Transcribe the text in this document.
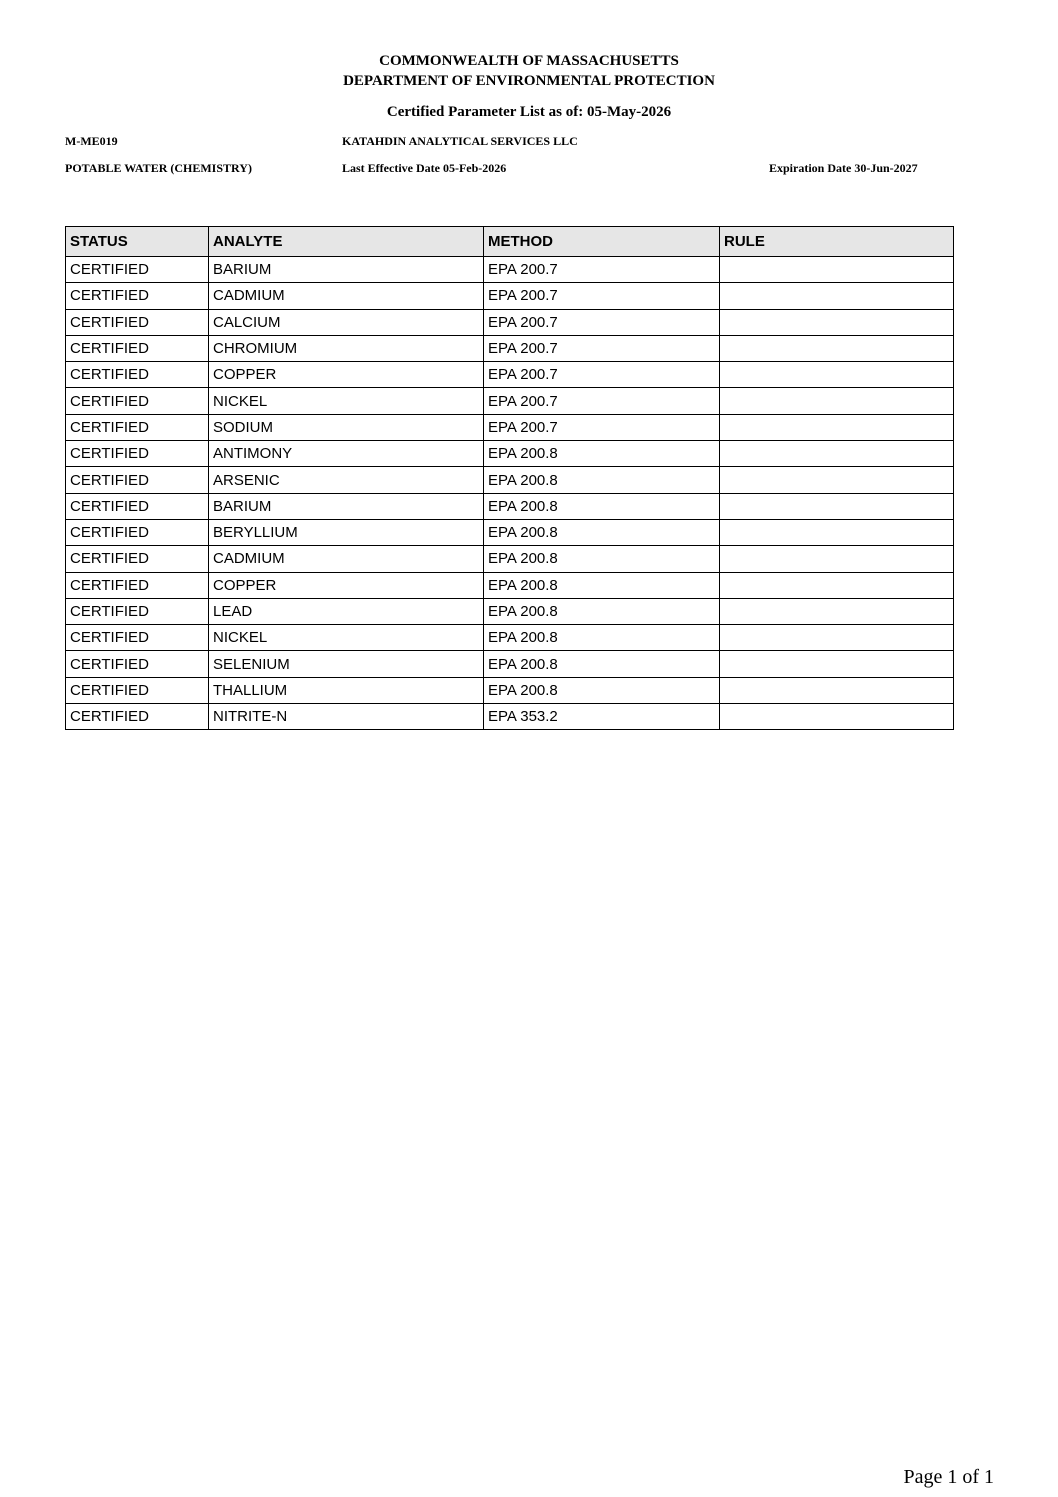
COMMONWEALTH OF MASSACHUSETTS
DEPARTMENT OF ENVIRONMENTAL PROTECTION
Certified Parameter List as of: 05-May-2026
M-ME019	KATAHDIN ANALYTICAL SERVICES LLC
POTABLE WATER (CHEMISTRY)	Last Effective Date 05-Feb-2026	Expiration Date 30-Jun-2027
STATUS	ANALYTE	METHOD	RULE
CERTIFIED	BARIUM	EPA 200.7	
CERTIFIED	CADMIUM	EPA 200.7	
CERTIFIED	CALCIUM	EPA 200.7	
CERTIFIED	CHROMIUM	EPA 200.7	
CERTIFIED	COPPER	EPA 200.7	
CERTIFIED	NICKEL	EPA 200.7	
CERTIFIED	SODIUM	EPA 200.7	
CERTIFIED	ANTIMONY	EPA 200.8	
CERTIFIED	ARSENIC	EPA 200.8	
CERTIFIED	BARIUM	EPA 200.8	
CERTIFIED	BERYLLIUM	EPA 200.8	
CERTIFIED	CADMIUM	EPA 200.8	
CERTIFIED	COPPER	EPA 200.8	
CERTIFIED	LEAD	EPA 200.8	
CERTIFIED	NICKEL	EPA 200.8	
CERTIFIED	SELENIUM	EPA 200.8	
CERTIFIED	THALLIUM	EPA 200.8	
CERTIFIED	NITRITE-N	EPA 353.2	
Page 1 of 1
